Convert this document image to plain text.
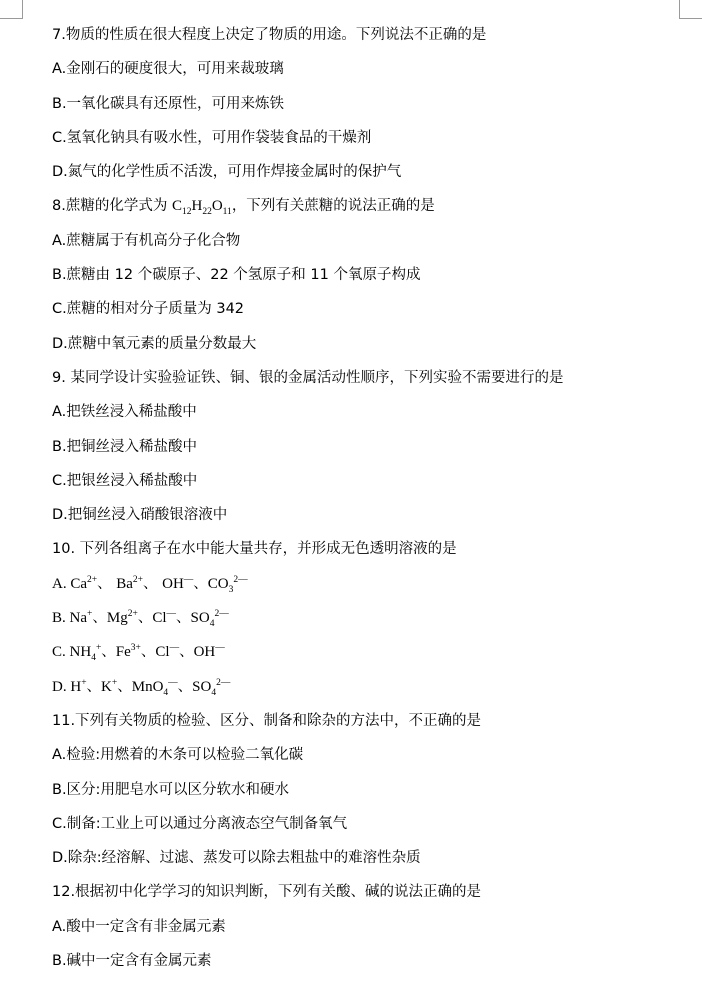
7.物质的性质在很大程度上决定了物质的用途。下列说法不正确的是
A.金刚石的硬度很大，可用来裁玻璃
B.一氧化碳具有还原性，可用来炼铁
C.氢氧化钠具有吸水性，可用作袋装食品的干燥剂
D.氮气的化学性质不活泼，可用作焊接金属时的保护气
8.蔗糖的化学式为 $C_{12}H_{22}O_{11}$，下列有关蔗糖的说法正确的是
A.蔗糖属于有机高分子化合物
B.蔗糖由 12 个碳原子、22 个氢原子和 11 个氧原子构成
C.蔗糖的相对分子质量为 342
D.蔗糖中氧元素的质量分数最大
9. 某同学设计实验验证铁、铜、银的金属活动性顺序，下列实验不需要进行的是
A.把铁丝浸入稀盐酸中
B.把铜丝浸入稀盐酸中
C.把银丝浸入稀盐酸中
D.把铜丝浸入硝酸银溶液中
10. 下列各组离子在水中能大量共存，并形成无色透明溶液的是
A. $Ca^{2+}$、 $Ba^{2+}$、 OH—、$CO_3^{2—}$
B. Na+、$Mg^{2+}$、Cl—、$SO_4^{2—}$
C. $NH_4^+$、$Fe^{3+}$、Cl—、OH—
D. H+、K+、MnO$_4$—、$SO_4^{2—}$
11.下列有关物质的检验、区分、制备和除杂的方法中，不正确的是
A.检验:用燃着的木条可以检验二氧化碳
B.区分:用肥皂水可以区分软水和硬水
C.制备:工业上可以通过分离液态空气制备氧气
D.除杂:经溶解、过滤、蒸发可以除去粗盐中的难溶性杂质
12.根据初中化学学习的知识判断，下列有关酸、碱的说法正确的是
A.酸中一定含有非金属元素
B.碱中一定含有金属元素
